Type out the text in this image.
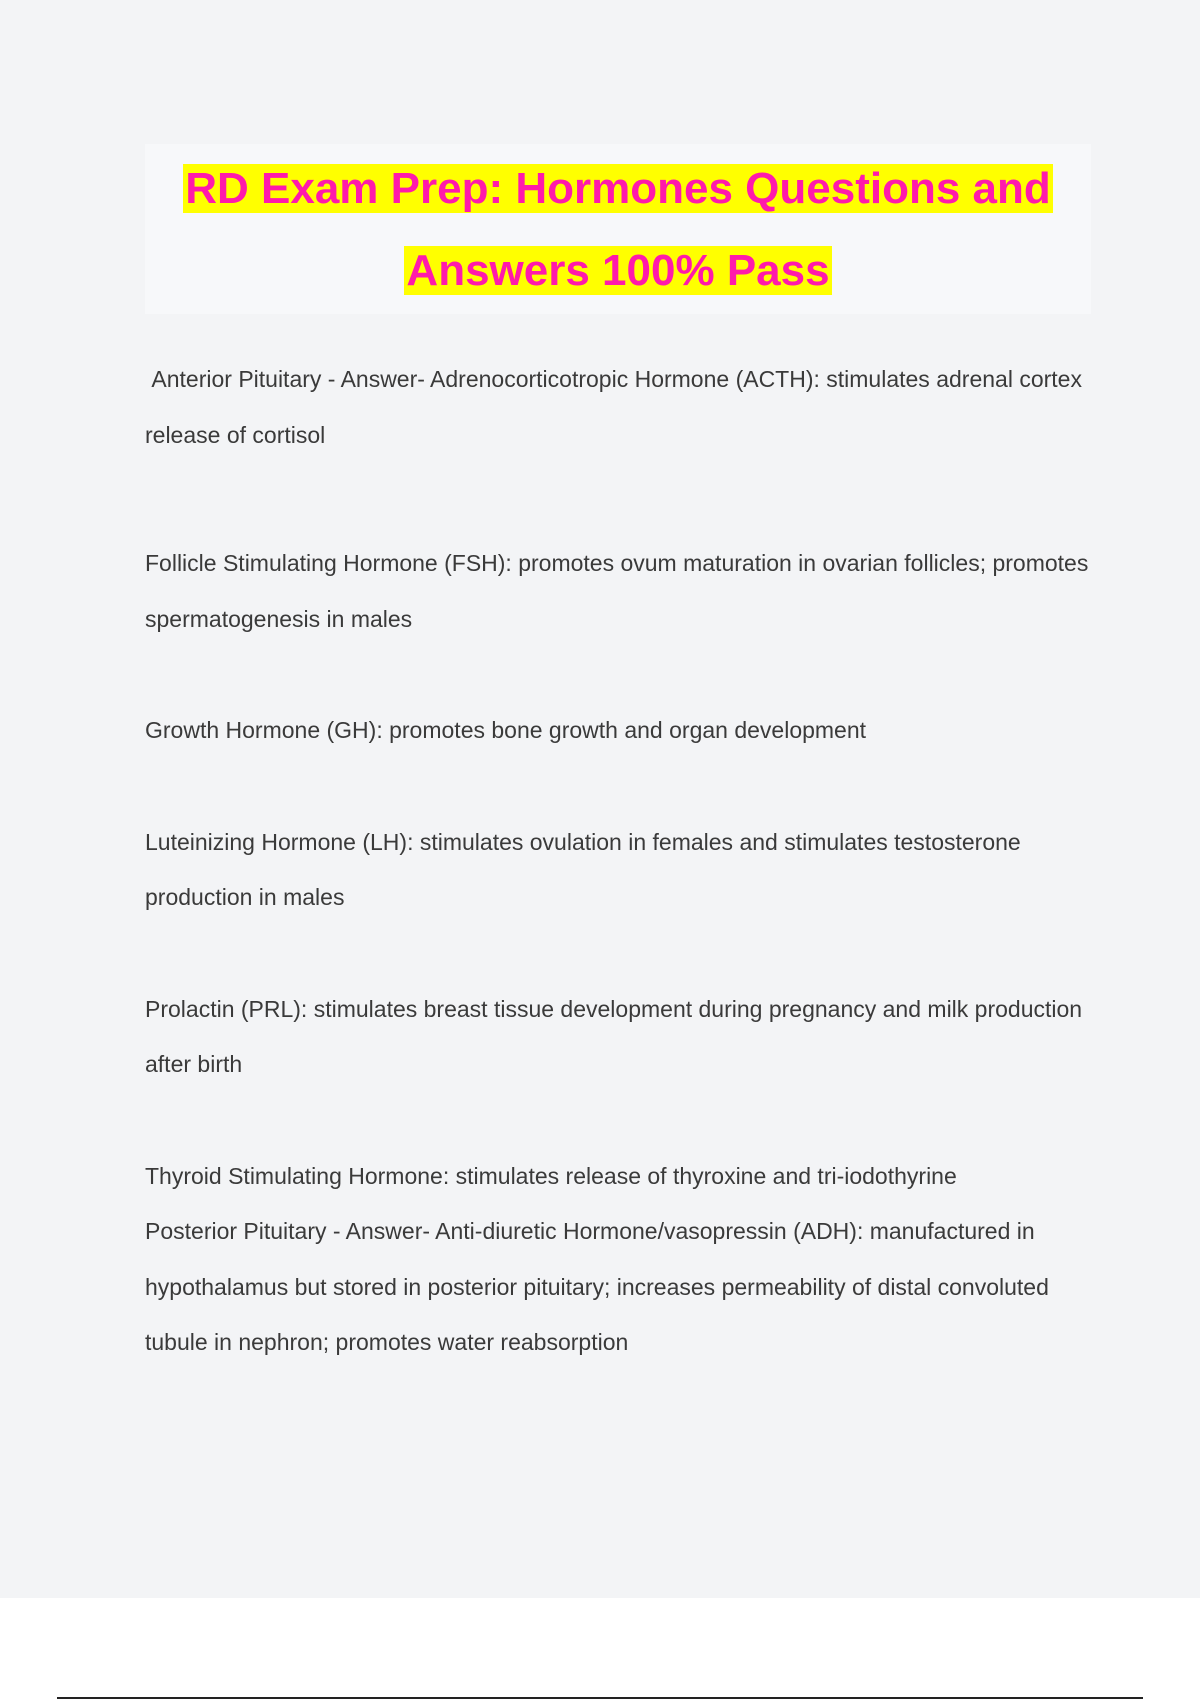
RD Exam Prep: Hormones Questions and
Answers 100% Pass

Anterior Pituitary - Answer- Adrenocorticotropic Hormone (ACTH): stimulates adrenal cortex release of cortisol

Follicle Stimulating Hormone (FSH): promotes ovum maturation in ovarian follicles; promotes spermatogenesis in males

Growth Hormone (GH): promotes bone growth and organ development

Luteinizing Hormone (LH): stimulates ovulation in females and stimulates testosterone production in males

Prolactin (PRL): stimulates breast tissue development during pregnancy and milk production after birth

Thyroid Stimulating Hormone: stimulates release of thyroxine and tri-iodothyrine

Posterior Pituitary - Answer- Anti-diuretic Hormone/vasopressin (ADH): manufactured in hypothalamus but stored in posterior pituitary; increases permeability of distal convoluted tubule in nephron; promotes water reabsorption
